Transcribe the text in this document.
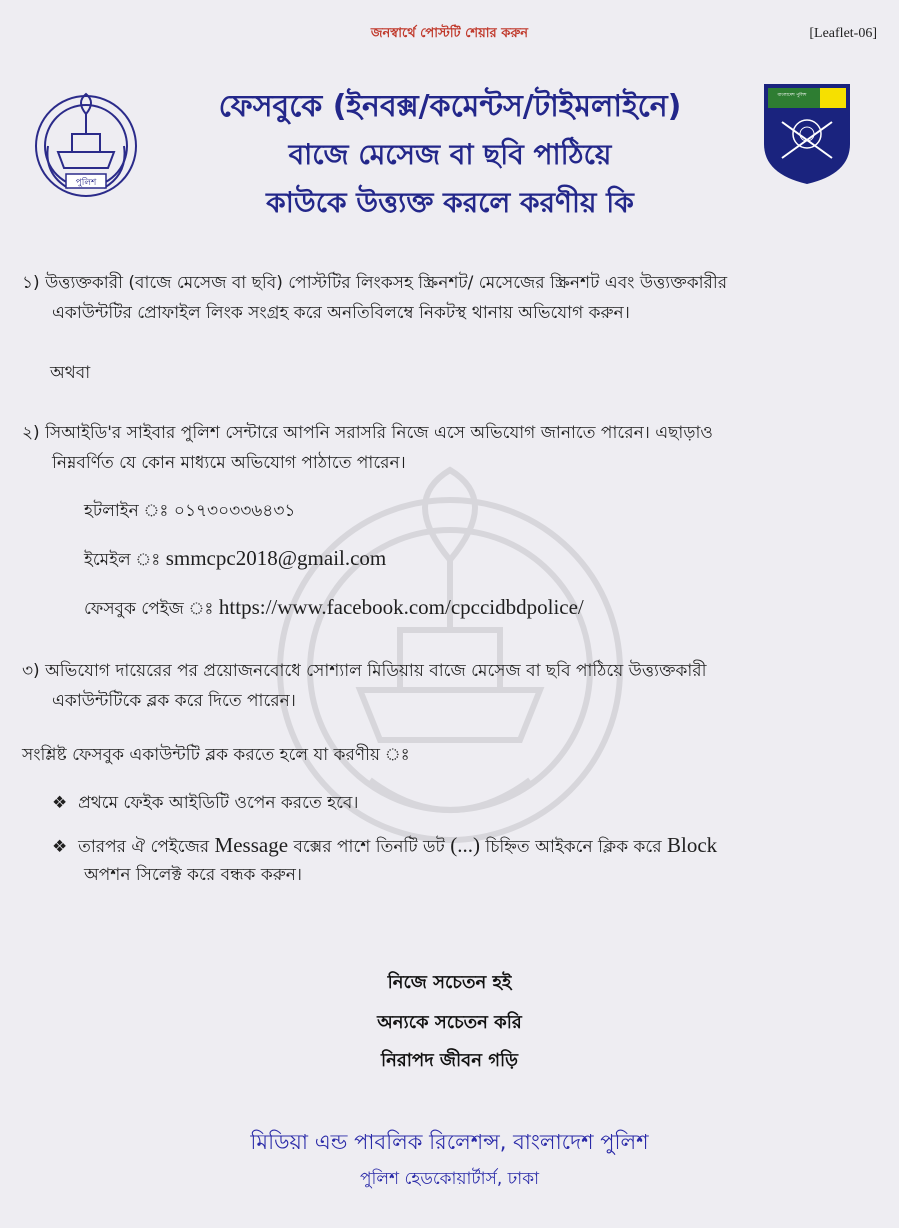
জনস্বার্থে পোস্টটি শেয়ার করুন	[Leaflet-06]
পুলিশ
বাংলাদেশ পুলিশ
ফেসবুকে (ইনবক্স/কমেন্টস/টাইমলাইনে)
বাজে মেসেজ বা ছবি পাঠিয়ে
কাউকে উত্ত্যক্ত করলে করণীয় কি
১) উত্ত্যক্তকারী (বাজে মেসেজ বা ছবি) পোস্টটির লিংকসহ স্ক্রিনশট/ মেসেজের স্ক্রিনশট এবং উত্ত্যক্তকারীর
একাউন্টটির প্রোফাইল লিংক সংগ্রহ করে অনতিবিলম্বে নিকটস্থ থানায় অভিযোগ করুন।
অথবা
২) সিআইডি'র সাইবার পুলিশ সেন্টারে আপনি সরাসরি নিজে এসে অভিযোগ জানাতে পারেন। এছাড়াও
নিম্নবর্ণিত যে কোন মাধ্যমে অভিযোগ পাঠাতে পারেন।
হটলাইন ঃ ০১৭৩০৩৩৬৪৩১
ইমেইল ঃ smmcpc2018@gmail.com
ফেসবুক পেইজ ঃ https://www.facebook.com/cpccidbdpolice/
৩) অভিযোগ দায়েরের পর প্রয়োজনবোধে সোশ্যাল মিডিয়ায় বাজে মেসেজ বা ছবি পাঠিয়ে উত্ত্যক্তকারী
একাউন্টটিকে ব্লক করে দিতে পারেন।
সংশ্লিষ্ট ফেসবুক একাউন্টটি ব্লক করতে হলে যা করণীয় ঃ
❖ প্রথমে ফেইক আইডিটি ওপেন করতে হবে।
❖ তারপর ঐ পেইজের Message বক্সের পাশে তিনটি ডট (...) চিহ্নিত আইকনে ক্লিক করে Block
অপশন সিলেক্ট করে বন্ধক করুন।
নিজে সচেতন হই
অন্যকে সচেতন করি
নিরাপদ জীবন গড়ি
মিডিয়া এন্ড পাবলিক রিলেশন্স, বাংলাদেশ পুলিশ
পুলিশ হেডকোয়ার্টার্স, ঢাকা
